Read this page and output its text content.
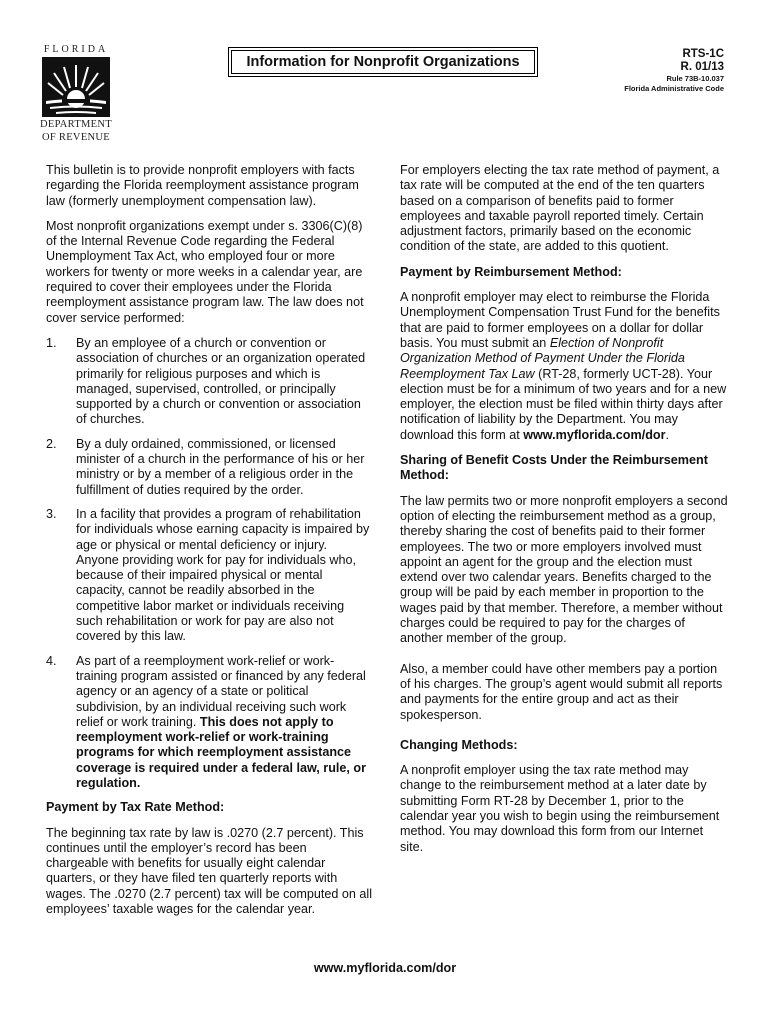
FLORIDA
DEPARTMENT
OF REVENUE
Information for Nonprofit Organizations	RTS-1C
R. 01/13
Rule 73B-10.037
Florida Administrative Code

This bulletin is to provide nonprofit employers with facts regarding the Florida reemployment assistance program law (formerly unemployment compensation law).

Most nonprofit organizations exempt under s. 3306(C)(8) of the Internal Revenue Code regarding the Federal Unemployment Tax Act, who employed four or more workers for twenty or more weeks in a calendar year, are required to cover their employees under the Florida reemployment assistance program law. The law does not cover service performed:

1. By an employee of a church or convention or association of churches or an organization operated primarily for religious purposes and which is managed, supervised, controlled, or principally supported by a church or convention or association of churches.
2. By a duly ordained, commissioned, or licensed minister of a church in the performance of his or her ministry or by a member of a religious order in the fulfillment of duties required by the order.
3. In a facility that provides a program of rehabilitation for individuals whose earning capacity is impaired by age or physical or mental deficiency or injury. Anyone providing work for pay for individuals who, because of their impaired physical or mental capacity, cannot be readily absorbed in the competitive labor market or individuals receiving such rehabilitation or work for pay are also not covered by this law.
4. As part of a reemployment work-relief or work-training program assisted or financed by any federal agency or an agency of a state or political subdivision, by an individual receiving such work relief or work training. This does not apply to reemployment work-relief or work-training programs for which reemployment assistance coverage is required under a federal law, rule, or regulation.
Payment by Tax Rate Method:

The beginning tax rate by law is .0270 (2.7 percent). This continues until the employer’s record has been chargeable with benefits for usually eight calendar quarters, or they have filed ten quarterly reports with wages. The .0270 (2.7 percent) tax will be computed on all employees’ taxable wages for the calendar year.

For employers electing the tax rate method of payment, a tax rate will be computed at the end of the ten quarters based on a comparison of benefits paid to former employees and taxable payroll reported timely. Certain adjustment factors, primarily based on the economic condition of the state, are added to this quotient.

Payment by Reimbursement Method:

A nonprofit employer may elect to reimburse the Florida Unemployment Compensation Trust Fund for the benefits that are paid to former employees on a dollar for dollar basis. You must submit an Election of Nonprofit Organization Method of Payment Under the Florida Reemployment Tax Law (RT-28, formerly UCT-28). Your election must be for a minimum of two years and for a new employer, the election must be filed within thirty days after notification of liability by the Department. You may download this form at www.myflorida.com/dor.

Sharing of Benefit Costs Under the Reimbursement Method:

The law permits two or more nonprofit employers a second option of electing the reimbursement method as a group, thereby sharing the cost of benefits paid to their former employees. The two or more employers involved must appoint an agent for the group and the election must extend over two calendar years. Benefits charged to the group will be paid by each member in proportion to the wages paid by that member. Therefore, a member without charges could be required to pay for the charges of another member of the group.

Also, a member could have other members pay a portion of his charges. The group’s agent would submit all reports and payments for the entire group and act as their spokesperson.

Changing Methods:

A nonprofit employer using the tax rate method may change to the reimbursement method at a later date by submitting Form RT-28 by December 1, prior to the calendar year you wish to begin using the reimbursement method. You may download this form from our Internet site.

www.myflorida.com/dor
